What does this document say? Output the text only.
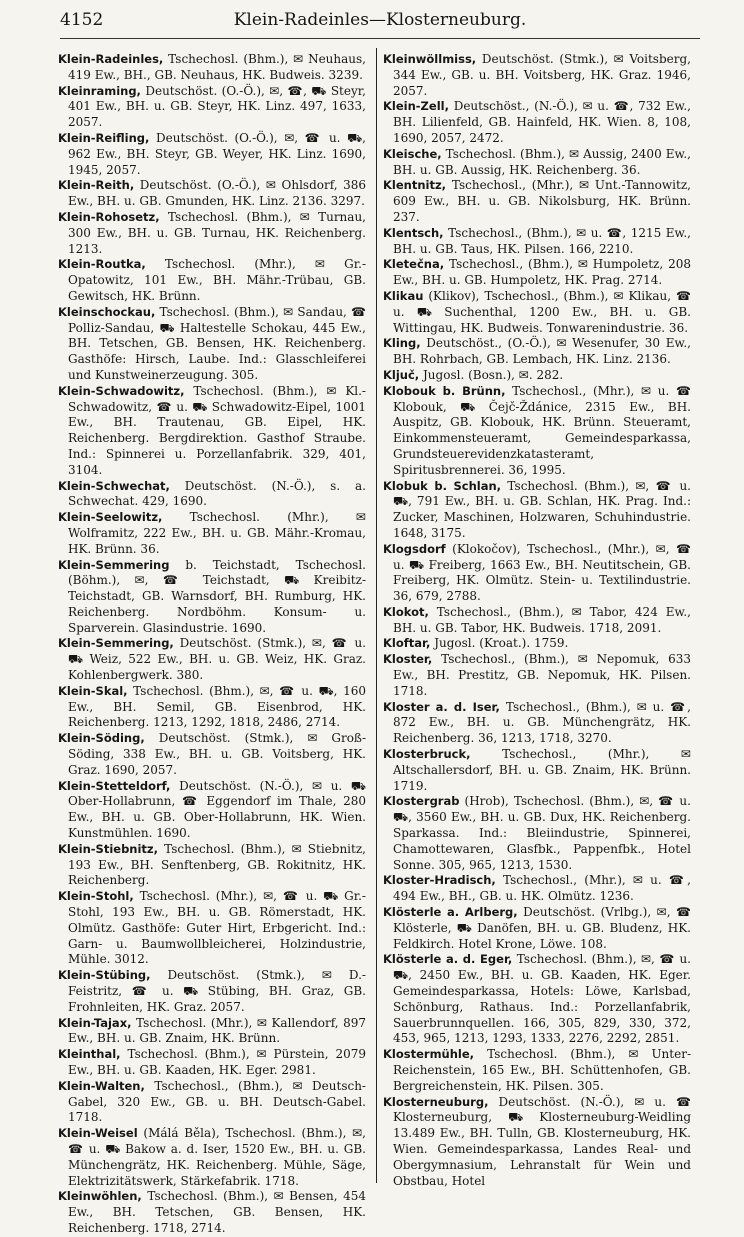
4152	Klein-Radeinles—Klosterneuburg.

Klein-Radeinles, Tschechosl. (Bhm.), ✉ Neuhaus, 419 Ew., BH., GB. Neuhaus, HK. Budweis. 3239.

Kleinraming, Deutschöst. (O.-Ö.), ✉, ☎, ⛟ Steyr, 401 Ew., BH. u. GB. Steyr, HK. Linz. 497, 1633, 2057.

Klein-Reifling, Deutschöst. (O.-Ö.), ✉, ☎ u. ⛟, 962 Ew., BH. Steyr, GB. Weyer, HK. Linz. 1690, 1945, 2057.

Klein-Reith, Deutschöst. (O.-Ö.), ✉ Ohlsdorf, 386 Ew., BH. u. GB. Gmunden, HK. Linz. 2136. 3297.

Klein-Rohosetz, Tschechosl. (Bhm.), ✉ Turnau, 300 Ew., BH. u. GB. Turnau, HK. Reichenberg. 1213.

Klein-Routka, Tschechosl. (Mhr.), ✉ Gr.-Opatowitz, 101 Ew., BH. Mähr.-Trübau, GB. Gewitsch, HK. Brünn.

Kleinschockau, Tschechosl. (Bhm.), ✉ Sandau, ☎ Polliz-Sandau, ⛟ Haltestelle Schokau, 445 Ew., BH. Tetschen, GB. Bensen, HK. Reichenberg. Gasthöfe: Hirsch, Laube. Ind.: Glasschleiferei und Kunstweinerzeugung. 305.

Klein-Schwadowitz, Tschechosl. (Bhm.), ✉ Kl.-Schwadowitz, ☎ u. ⛟ Schwadowitz-Eipel, 1001 Ew., BH. Trautenau, GB. Eipel, HK. Reichenberg. Bergdirektion. Gasthof Straube. Ind.: Spinnerei u. Porzellanfabrik. 329, 401, 3104.

Klein-Schwechat, Deutschöst. (N.-Ö.), s. a. Schwechat. 429, 1690.

Klein-Seelowitz, Tschechosl. (Mhr.), ✉ Wolframitz, 222 Ew., BH. u. GB. Mähr.-Kromau, HK. Brünn. 36.

Klein-Semmering b. Teichstadt, Tschechosl. (Böhm.), ✉, ☎ Teichstadt, ⛟ Kreibitz-Teichstadt, GB. Warnsdorf, BH. Rumburg, HK. Reichenberg. Nordböhm. Konsum- u. Sparverein. Glasindustrie. 1690.

Klein-Semmering, Deutschöst. (Stmk.), ✉, ☎ u. ⛟ Weiz, 522 Ew., BH. u. GB. Weiz, HK. Graz. Kohlenbergwerk. 380.

Klein-Skal, Tschechosl. (Bhm.), ✉, ☎ u. ⛟, 160 Ew., BH. Semil, GB. Eisenbrod, HK. Reichenberg. 1213, 1292, 1818, 2486, 2714.

Klein-Söding, Deutschöst. (Stmk.), ✉ Groß-Söding, 338 Ew., BH. u. GB. Voitsberg, HK. Graz. 1690, 2057.

Klein-Stetteldorf, Deutschöst. (N.-Ö.), ✉ u. ⛟ Ober-Hollabrunn, ☎ Eggendorf im Thale, 280 Ew., BH. u. GB. Ober-Hollabrunn, HK. Wien. Kunstmühlen. 1690.

Klein-Stiebnitz, Tschechosl. (Bhm.), ✉ Stiebnitz, 193 Ew., BH. Senftenberg, GB. Rokitnitz, HK. Reichenberg.

Klein-Stohl, Tschechosl. (Mhr.), ✉, ☎ u. ⛟ Gr.-Stohl, 193 Ew., BH. u. GB. Römerstadt, HK. Olmütz. Gasthöfe: Guter Hirt, Erbgericht. Ind.: Garn- u. Baumwollbleicherei, Holzindustrie, Mühle. 3012.

Klein-Stübing, Deutschöst. (Stmk.), ✉ D.-Feistritz, ☎ u. ⛟ Stübing, BH. Graz, GB. Frohnleiten, HK. Graz. 2057.

Klein-Tajax, Tschechosl. (Mhr.), ✉ Kallendorf, 897 Ew., BH. u. GB. Znaim, HK. Brünn.

Kleinthal, Tschechosl. (Bhm.), ✉ Pürstein, 2079 Ew., BH. u. GB. Kaaden, HK. Eger. 2981.

Klein-Walten, Tschechosl., (Bhm.), ✉ Deutsch-Gabel, 320 Ew., GB. u. BH. Deutsch-Gabel. 1718.

Klein-Weisel (Málá Běla), Tschechosl. (Bhm.), ✉, ☎ u. ⛟ Bakow a. d. Iser, 1520 Ew., BH. u. GB. Münchengrätz, HK. Reichenberg. Mühle, Säge, Elektrizitätswerk, Stärkefabrik. 1718.

Kleinwöhlen, Tschechosl. (Bhm.), ✉ Bensen, 454 Ew., BH. Tetschen, GB. Bensen, HK. Reichenberg. 1718, 2714.

Kleinwöllmiss, Deutschöst. (Stmk.), ✉ Voitsberg, 344 Ew., GB. u. BH. Voitsberg, HK. Graz. 1946, 2057.

Klein-Zell, Deutschöst., (N.-Ö.), ✉ u. ☎, 732 Ew., BH. Lilienfeld, GB. Hainfeld, HK. Wien. 8, 108, 1690, 2057, 2472.

Kleische, Tschechosl. (Bhm.), ✉ Aussig, 2400 Ew., BH. u. GB. Aussig, HK. Reichenberg. 36.

Klentnitz, Tschechosl., (Mhr.), ✉ Unt.-Tannowitz, 609 Ew., BH. u. GB. Nikolsburg, HK. Brünn. 237.

Klentsch, Tschechosl., (Bhm.), ✉ u. ☎, 1215 Ew., BH. u. GB. Taus, HK. Pilsen. 166, 2210.

Kletečna, Tschechosl., (Bhm.), ✉ Humpoletz, 208 Ew., BH. u. GB. Humpoletz, HK. Prag. 2714.

Klikau (Klikov), Tschechosl., (Bhm.), ✉ Klikau, ☎ u. ⛟ Suchenthal, 1200 Ew., BH. u. GB. Wittingau, HK. Budweis. Tonwarenindustrie. 36.

Kling, Deutschöst., (O.-Ö.), ✉ Wesenufer, 30 Ew., BH. Rohrbach, GB. Lembach, HK. Linz. 2136.

Ključ, Jugosl. (Bosn.), ✉. 282.

Klobouk b. Brünn, Tschechosl., (Mhr.), ✉ u. ☎ Klobouk, ⛟ Čejč-Ždánice, 2315 Ew., BH. Auspitz, GB. Klobouk, HK. Brünn. Steueramt, Einkommensteueramt, Gemeindesparkassa, Grundsteuerevidenzkatasteramt, Spiritusbrennerei. 36, 1995.

Klobuk b. Schlan, Tschechosl. (Bhm.), ✉, ☎ u. ⛟, 791 Ew., BH. u. GB. Schlan, HK. Prag. Ind.: Zucker, Maschinen, Holzwaren, Schuhindustrie. 1648, 3175.

Klogsdorf (Klokočov), Tschechosl., (Mhr.), ✉, ☎ u. ⛟ Freiberg, 1663 Ew., BH. Neutitschein, GB. Freiberg, HK. Olmütz. Stein- u. Textilindustrie. 36, 679, 2788.

Klokot, Tschechosl., (Bhm.), ✉ Tabor, 424 Ew., BH. u. GB. Tabor, HK. Budweis. 1718, 2091.

Kloftar, Jugosl. (Kroat.). 1759.

Kloster, Tschechosl., (Bhm.), ✉ Nepomuk, 633 Ew., BH. Prestitz, GB. Nepomuk, HK. Pilsen. 1718.

Kloster a. d. Iser, Tschechosl., (Bhm.), ✉ u. ☎, 872 Ew., BH. u. GB. Münchengrätz, HK. Reichenberg. 36, 1213, 1718, 3270.

Klosterbruck,	Tschechosl., (Mhr.), ✉ Altschallersdorf, BH. u. GB. Znaim, HK. Brünn. 1719.

Klostergrab (Hrob), Tschechosl. (Bhm.), ✉, ☎ u. ⛟, 3560 Ew., BH. u. GB. Dux, HK. Reichenberg. Sparkassa. Ind.: Bleiindustrie, Spinnerei, Chamottewaren, Glasfbk., Pappenfbk., Hotel Sonne. 305, 965, 1213, 1530.

Kloster-Hradisch, Tschechosl., (Mhr.), ✉ u. ☎, 494 Ew., BH., GB. u. HK. Olmütz. 1236.

Klösterle a. Arlberg, Deutschöst. (Vrlbg.), ✉, ☎ Klösterle, ⛟ Danöfen, BH. u. GB. Bludenz, HK. Feldkirch. Hotel Krone, Löwe. 108.

Klösterle a. d. Eger, Tschechosl. (Bhm.), ✉, ☎ u. ⛟, 2450 Ew., BH. u. GB. Kaaden, HK. Eger. Gemeindesparkassa, Hotels: Löwe, Karlsbad, Schönburg, Rathaus. Ind.: Porzellanfabrik, Sauerbrunnquellen. 166, 305, 829, 330, 372, 453, 965, 1213, 1293, 1333, 2276, 2292, 2851.

Klostermühle, Tschechosl. (Bhm.), ✉ Unter-Reichenstein, 165 Ew., BH. Schüttenhofen, GB. Bergreichenstein, HK. Pilsen. 305.

Klosterneuburg, Deutschöst. (N.-Ö.), ✉ u. ☎ Klosterneuburg, ⛟ Klosterneuburg-Weidling 13.489 Ew., BH. Tulln, GB. Klosterneuburg, HK. Wien. Gemeindesparkassa, Landes Real- und Obergymnasium, Lehranstalt für Wein und Obstbau, Hotel
